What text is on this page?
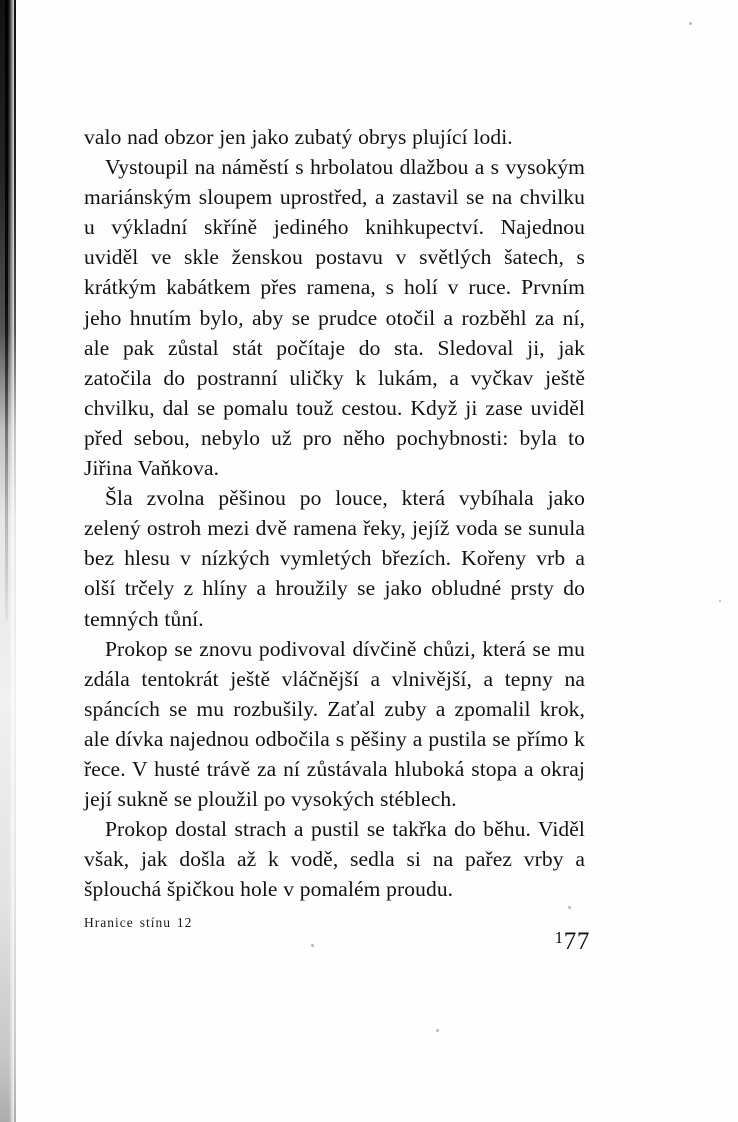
valo nad obzor jen jako zubatý obrys plující lodi.

Vystoupil na náměstí s hrbolatou dlažbou a s vysokým mariánským sloupem uprostřed, a zastavil se na chvilku u výkladní skříně jediného knihkupectví. Najednou uviděl ve skle ženskou postavu v světlých šatech, s krátkým kabátkem přes ramena, s holí v ruce. Prvním jeho hnutím bylo, aby se prudce otočil a rozběhl za ní, ale pak zůstal stát počítaje do sta. Sledoval ji, jak zatočila do postranní uličky k lukám, a vyčkav ještě chvilku, dal se pomalu touž cestou. Když ji zase uviděl před sebou, nebylo už pro něho pochybnosti: byla to Jiřina Vaňkova.

Šla zvolna pěšinou po louce, která vybíhala jako zelený ostroh mezi dvě ramena řeky, jejíž voda se sunula bez hlesu v nízkých vymletých březích. Kořeny vrb a olší trčely z hlíny a hroužily se jako obludné prsty do temných tůní.

Prokop se znovu podivoval dívčině chůzi, která se mu zdála tentokrát ještě vláčnější a vlnivější, a tepny na spáncích se mu rozbušily. Zaťal zuby a zpomalil krok, ale dívka najednou odbočila s pěšiny a pustila se přímo k řece. V husté trávě za ní zůstávala hluboká stopa a okraj její sukně se ploužil po vysokých stéblech.

Prokop dostal strach a pustil se takřka do běhu. Viděl však, jak došla až k vodě, sedla si na pařez vrby a šplouchá špičkou hole v pomalém proudu.

Hranice stínu 12
177
